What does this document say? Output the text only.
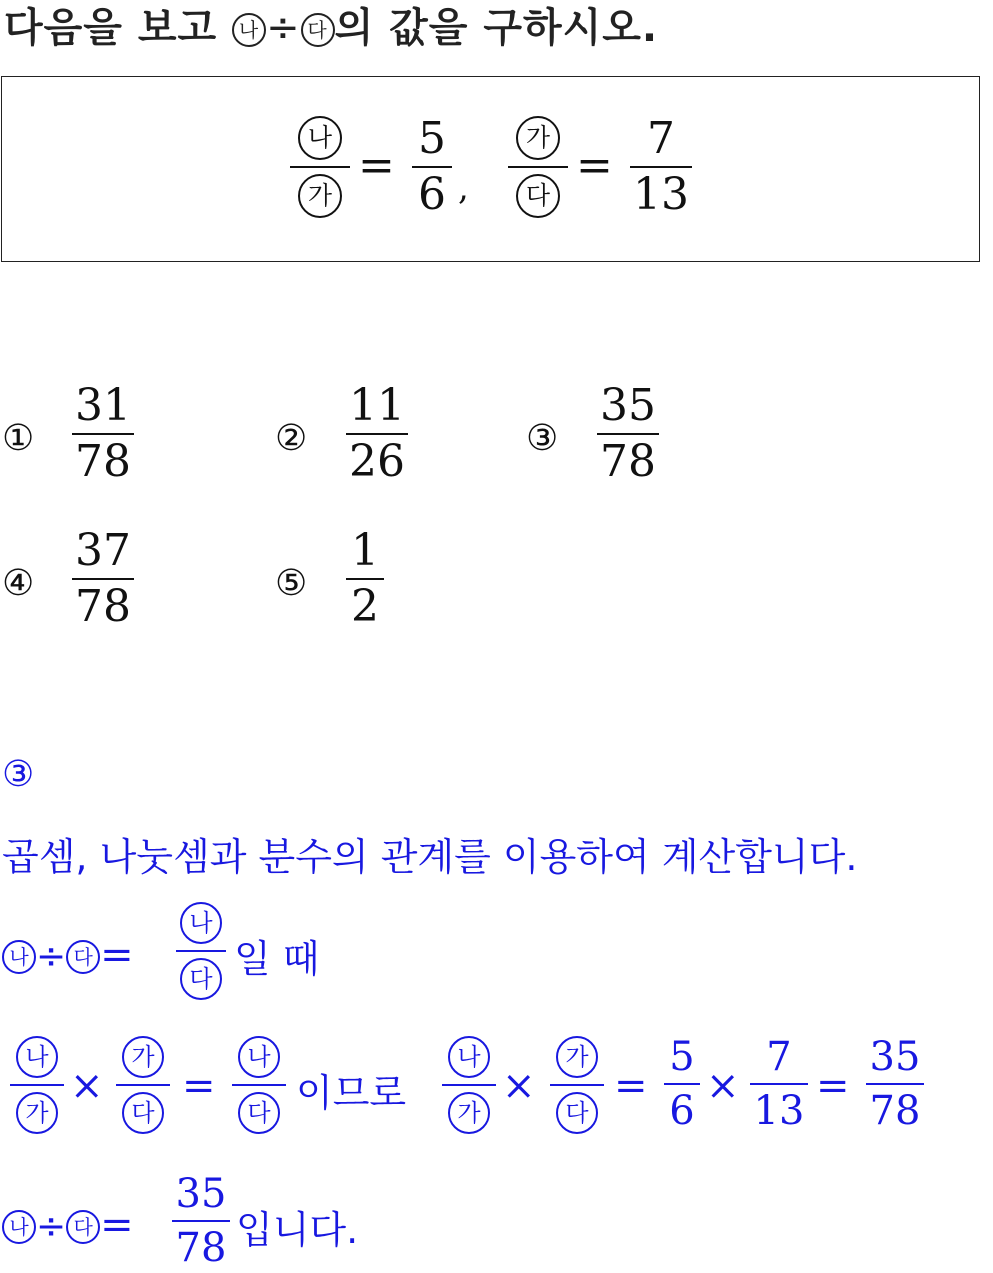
다음을 보고 나 ÷ 다 의 값을 구하시오.
나
가
=
5
6 ,
가
다
=
7
13
①
31
78	②
11
26	③
35
78
④
37
78	⑤
1
2
③
곱셈, 나눗셈과 분수의 관계를 이용하여 계산합니다.
나 ÷ 다 =
나
다 일 때
나
가
×
가
다
=
나
다 이므로
나
가
×
가
다
=
5
6
×
7
13
=
35
78
나 ÷ 다 =
35
78 입니다.
